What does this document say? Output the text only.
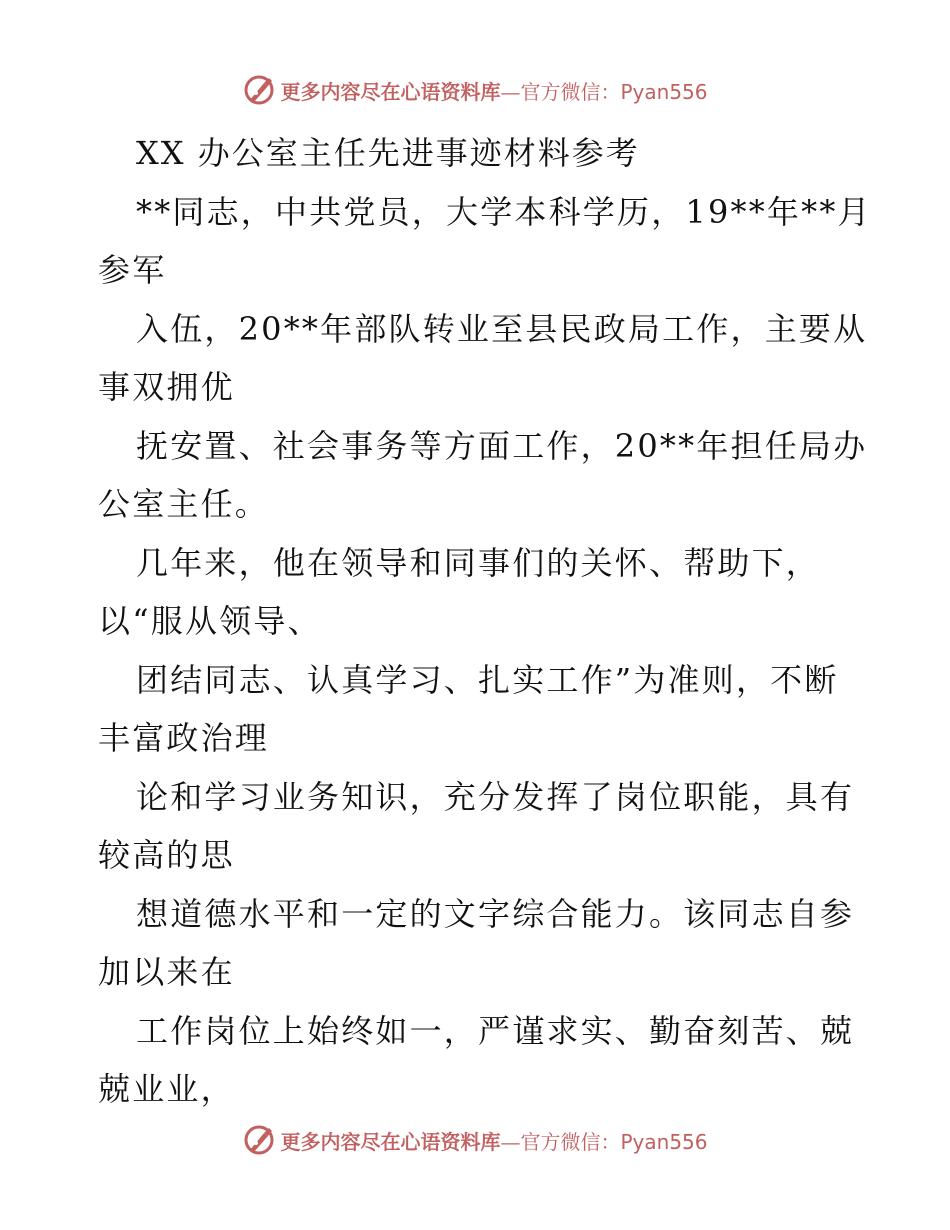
更多内容尽在心语资料库—官方微信：Pyan556
XX 办公室主任先进事迹材料参考
**同志，中共党员，大学本科学历，19**年**月
参军
入伍，20**年部队转业至县民政局工作，主要从
事双拥优
抚安置、社会事务等方面工作，20**年担任局办
公室主任。
几年来，他在领导和同事们的关怀、帮助下，
以“服从领导、
团结同志、认真学习、扎实工作”为准则，不断
丰富政治理
论和学习业务知识，充分发挥了岗位职能，具有
较高的思
想道德水平和一定的文字综合能力。该同志自参
加以来在
工作岗位上始终如一，严谨求实、勤奋刻苦、兢
兢业业，
更多内容尽在心语资料库—官方微信：Pyan556
